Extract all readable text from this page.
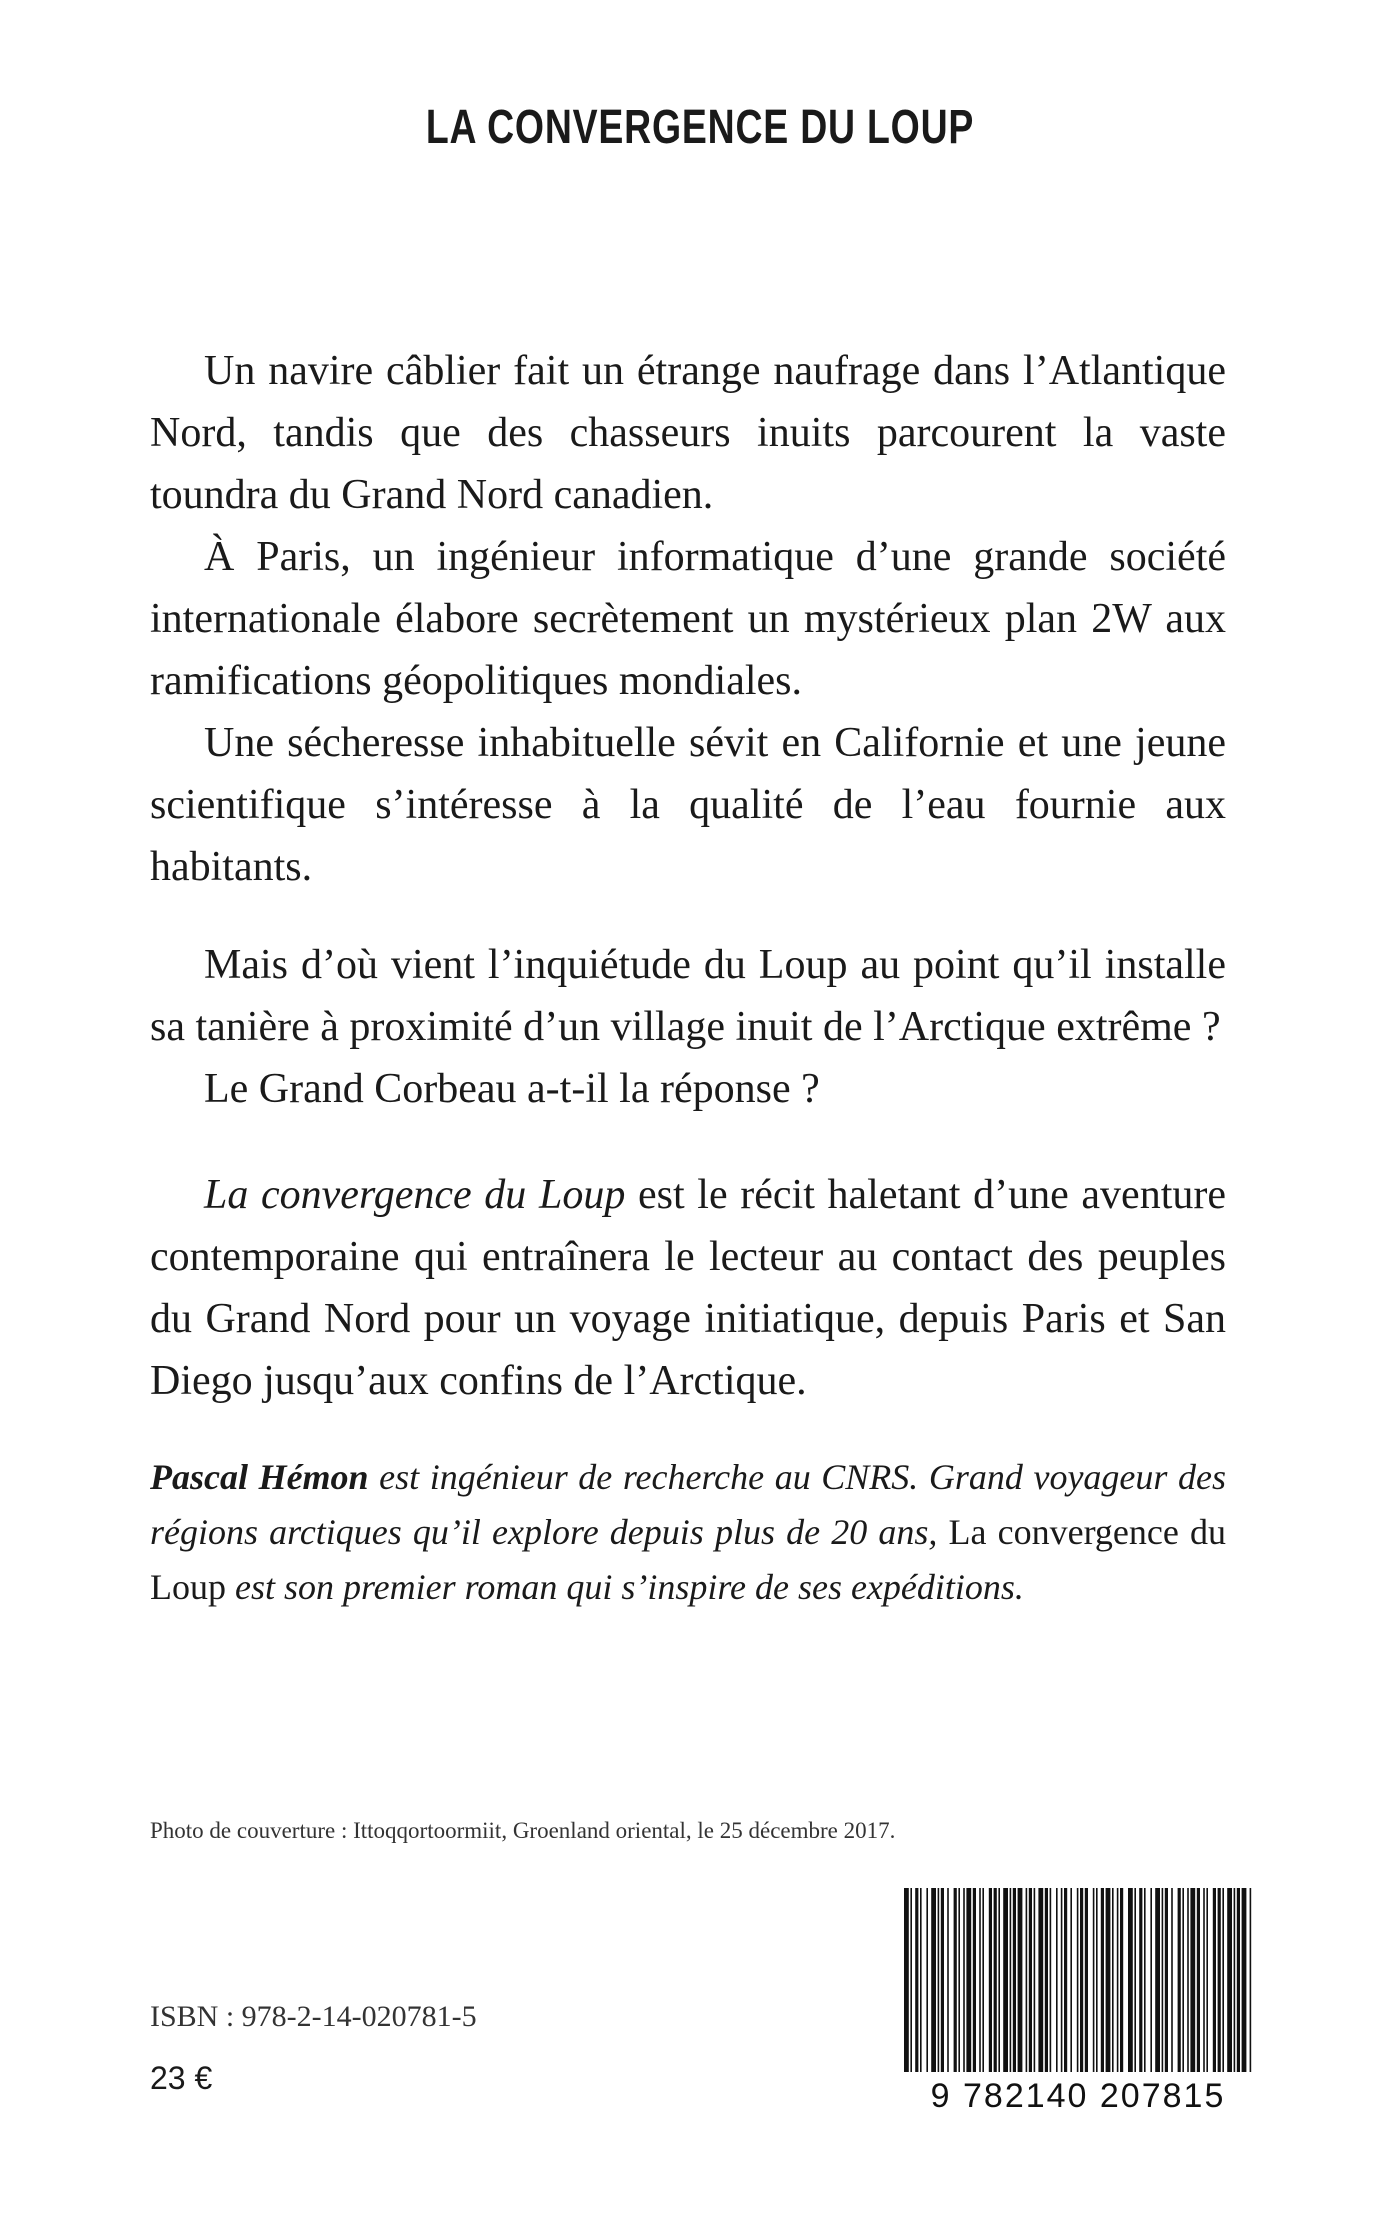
LA CONVERGENCE DU LOUP

Un navire câblier fait un étrange naufrage dans l’Atlantique Nord, tandis que des chasseurs inuits parcourent la vaste toundra du Grand Nord canadien.

À Paris, un ingénieur informatique d’une grande société internationale élabore secrètement un mystérieux plan 2W aux ramifications géopolitiques mondiales.

Une sécheresse inhabituelle sévit en Californie et une jeune scientifique s’intéresse à la qualité de l’eau fournie aux habitants.

Mais d’où vient l’inquiétude du Loup au point qu’il installe sa tanière à proximité d’un village inuit de l’Arctique extrême ?

Le Grand Corbeau a-t-il la réponse ?

La convergence du Loup est le récit haletant d’une aventure contemporaine qui entraînera le lecteur au contact des peuples du Grand Nord pour un voyage initiatique, depuis Paris et San Diego jusqu’aux confins de l’Arctique.

Pascal Hémon est ingénieur de recherche au CNRS. Grand voyageur des régions arctiques qu’il explore depuis plus de 20 ans, La convergence du Loup est son premier roman qui s’inspire de ses expéditions.

Photo de couverture : Ittoqqortoormiit, Groenland oriental, le 25 décembre 2017.
ISBN : 978-2-14-020781-5
23 €	9 782140 207815
